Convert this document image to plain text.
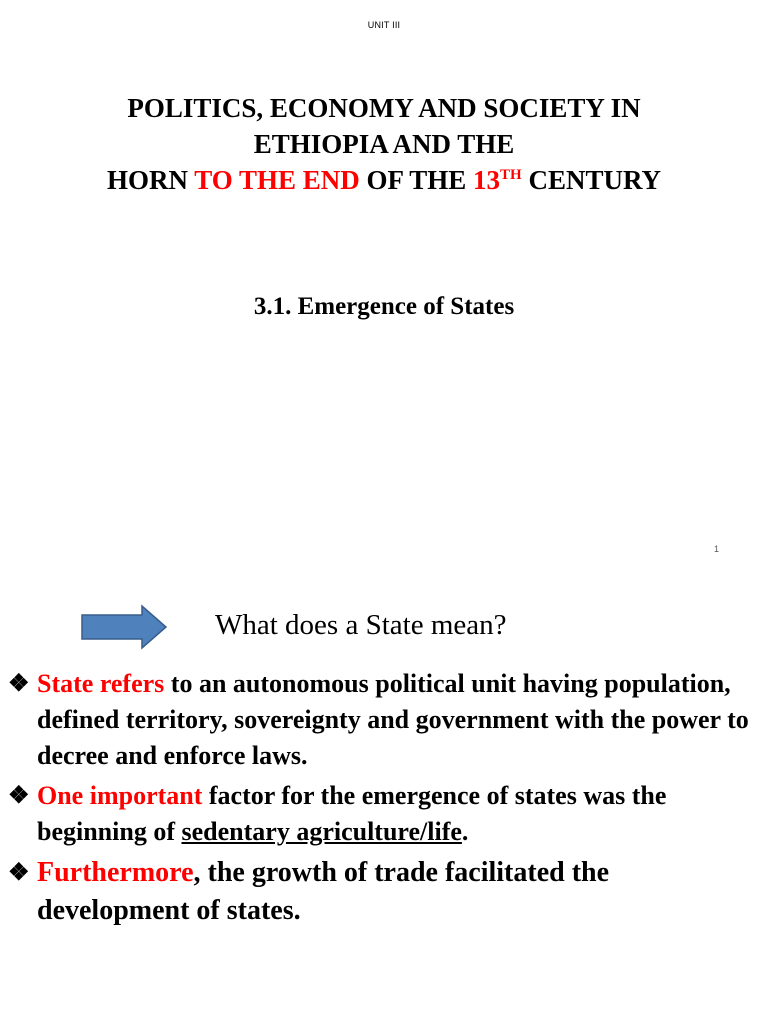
UNIT III
POLITICS, ECONOMY AND SOCIETY IN
ETHIOPIA AND THE
HORN TO THE END OF THE 13TH CENTURY
3.1. Emergence of States
1
What does a State mean?
❖ State refers to an autonomous political unit having population, defined territory, sovereignty and government with the power to decree and enforce laws.
❖ One important factor for the emergence of states was the beginning of sedentary agriculture/life.
❖ Furthermore, the growth of trade facilitated the development of states.
